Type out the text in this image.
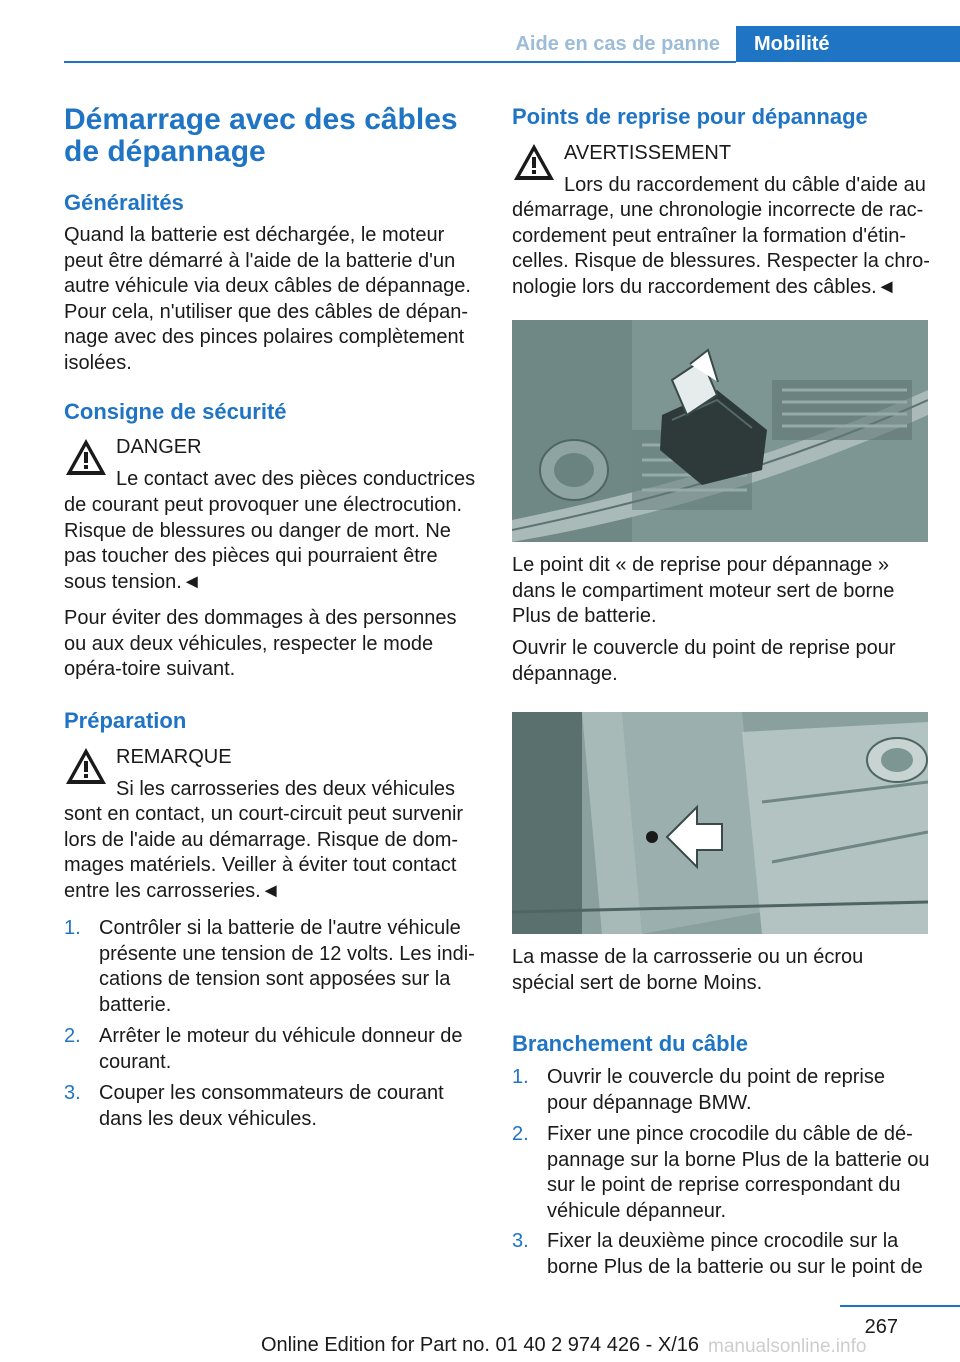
Aide en cas de panne	Mobilité
Démarrage avec des câbles de dépannage
Généralités
Quand la batterie est déchargée, le moteur peut être démarré à l'aide de la batterie d'un autre véhicule via deux câbles de dépannage. Pour cela, n'utiliser que des câbles de dépan-nage avec des pinces polaires complètement isolées.
Consigne de sécurité
DANGER
Le contact avec des pièces conductrices
de courant peut provoquer une électrocution. Risque de blessures ou danger de mort. Ne pas toucher des pièces qui pourraient être sous tension.◄
Pour éviter des dommages à des personnes ou aux deux véhicules, respecter le mode opéra-toire suivant.
Préparation
REMARQUE
Si les carrosseries des deux véhicules
sont en contact, un court-circuit peut survenir lors de l'aide au démarrage. Risque de dom-mages matériels. Veiller à éviter tout contact entre les carrosseries.◄
1. Contrôler si la batterie de l'autre véhicule présente une tension de 12 volts. Les indi-cations de tension sont apposées sur la batterie.
2. Arrêter le moteur du véhicule donneur de courant.
3. Couper les consommateurs de courant dans les deux véhicules.
Points de reprise pour dépannage
AVERTISSEMENT
Lors du raccordement du câble d'aide au
démarrage, une chronologie incorrecte de rac-cordement peut entraîner la formation d'étin-celles. Risque de blessures. Respecter la chro-nologie lors du raccordement des câbles.◄
Le point dit « de reprise pour dépannage » dans le compartiment moteur sert de borne Plus de batterie.
Ouvrir le couvercle du point de reprise pour dépannage.
La masse de la carrosserie ou un écrou spécial sert de borne Moins.
Branchement du câble
1. Ouvrir le couvercle du point de reprise pour dépannage BMW.
2. Fixer une pince crocodile du câble de dé-pannage sur la borne Plus de la batterie ou sur le point de reprise correspondant du véhicule dépanneur.
3. Fixer la deuxième pince crocodile sur la borne Plus de la batterie ou sur le point de
267
Online Edition for Part no. 01 40 2 974 426 - X/16 manualsonline.info
